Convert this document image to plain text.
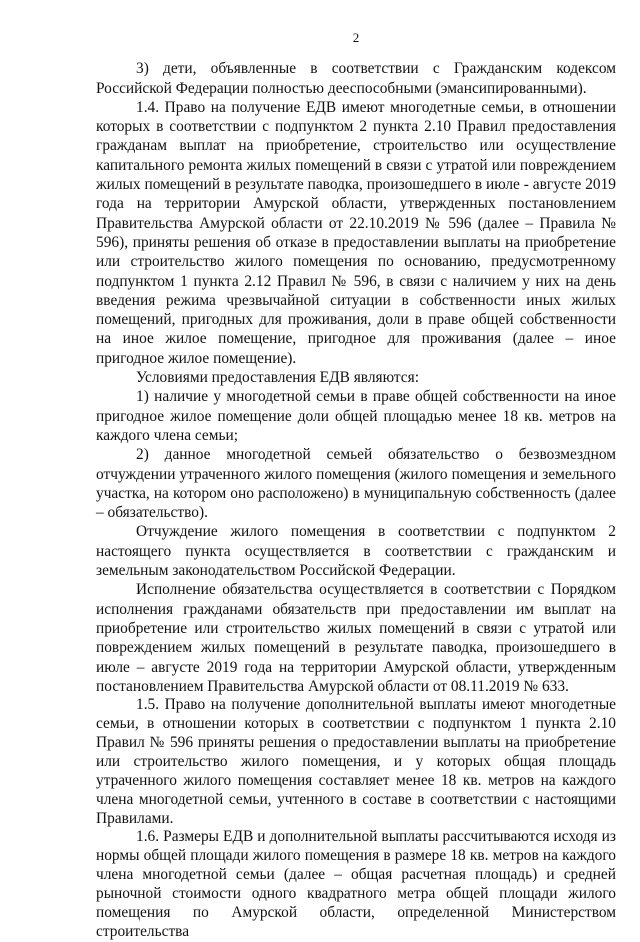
2

3) дети, объявленные в соответствии с Гражданским кодексом Российской Федерации полностью дееспособными (эмансипированными).

1.4. Право на получение ЕДВ имеют многодетные семьи, в отношении которых в соответствии с подпунктом 2 пункта 2.10 Правил предоставления гражданам выплат на приобретение, строительство или осуществление капитального ремонта жилых помещений в связи с утратой или повреждением жилых помещений в результате паводка, произошедшего в июле - августе 2019 года на территории Амурской области, утвержденных постановлением Правительства Амурской области от 22.10.2019 № 596 (далее – Правила № 596), приняты решения об отказе в предоставлении выплаты на приобретение или строительство жилого помещения по основанию, предусмотренному подпунктом 1 пункта 2.12 Правил № 596, в связи с наличием у них на день введения режима чрезвычайной ситуации в собственности иных жилых помещений, пригодных для проживания, доли в праве общей собственности на иное жилое помещение, пригодное для проживания (далее – иное пригодное жилое помещение).

Условиями предоставления ЕДВ являются:

1) наличие у многодетной семьи в праве общей собственности на иное пригодное жилое помещение доли общей площадью менее 18 кв. метров на каждого члена семьи;

2) данное многодетной семьей обязательство о безвозмездном отчуждении утраченного жилого помещения (жилого помещения и земельного участка, на котором оно расположено) в муниципальную собственность (далее – обязательство).

Отчуждение жилого помещения в соответствии с подпунктом 2 настоящего пункта осуществляется в соответствии с гражданским и земельным законодательством Российской Федерации.

Исполнение обязательства осуществляется в соответствии с Порядком исполнения гражданами обязательств при предоставлении им выплат на приобретение или строительство жилых помещений в связи с утратой или повреждением жилых помещений в результате паводка, произошедшего в июле – августе 2019 года на территории Амурской области, утвержденным постановлением Правительства Амурской области от 08.11.2019 № 633.

1.5. Право на получение дополнительной выплаты имеют многодетные семьи, в отношении которых в соответствии с подпунктом 1 пункта 2.10 Правил № 596 приняты решения о предоставлении выплаты на приобретение или строительство жилого помещения, и у которых общая площадь утраченного жилого помещения составляет менее 18 кв. метров на каждого члена многодетной семьи, учтенного в составе в соответствии с настоящими Правилами.

1.6. Размеры ЕДВ и дополнительной выплаты рассчитываются исходя из нормы общей площади жилого помещения в размере 18 кв. метров на каждого члена многодетной семьи (далее – общая расчетная площадь) и средней рыночной стоимости одного квадратного метра общей площади жилого помещения по Амурской области, определенной Министерством строительства
